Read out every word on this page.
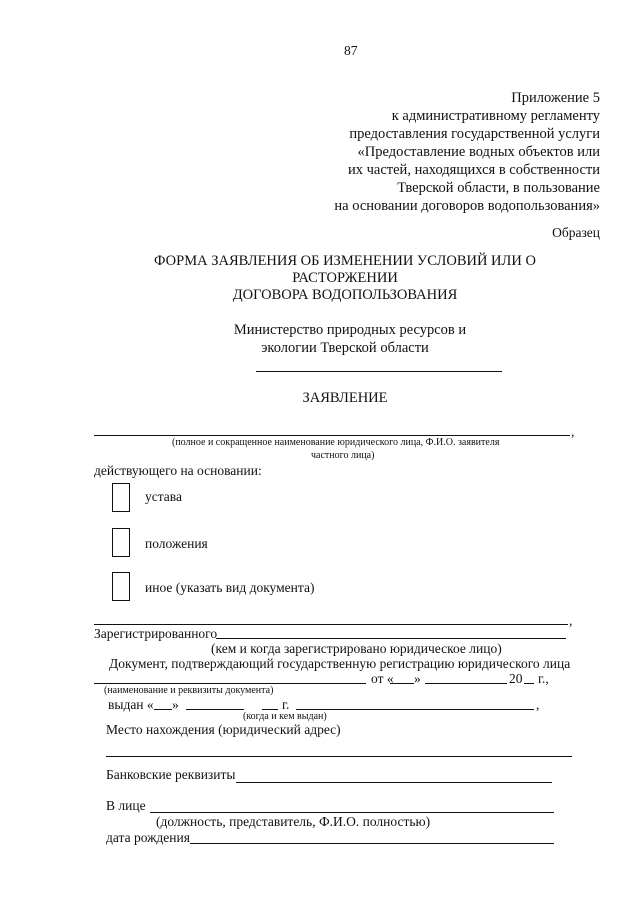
87
Приложение 5
к административному регламенту
предоставления государственной услуги
«Предоставление водных объектов или
их частей, находящихся в собственности
Тверской области, в пользование
на основании договоров водопользования»
Образец
ФОРМА ЗАЯВЛЕНИЯ ОБ ИЗМЕНЕНИИ УСЛОВИЙ ИЛИ О
РАСТОРЖЕНИИ
ДОГОВОРА ВОДОПОЛЬЗОВАНИЯ
Министерство природных ресурсов и
экологии Тверской области
ЗАЯВЛЕНИЕ
,
(полное и сокращенное наименование юридического лица, Ф.И.О. заявителя
частного лица)
действующего на основании:
устава
положения
иное (указать вид документа)
,
Зарегистрированного
(кем и когда зарегистрировано юридическое лицо)
Документ, подтверждающий государственную регистрацию юридического лица
от « »	20 г.,
(наименование и реквизиты документа)
выдан « »	г.	,
(когда и кем выдан)
Место нахождения (юридический адрес)
Банковские реквизиты
В лице
(должность, представитель, Ф.И.О. полностью)
дата рождения
